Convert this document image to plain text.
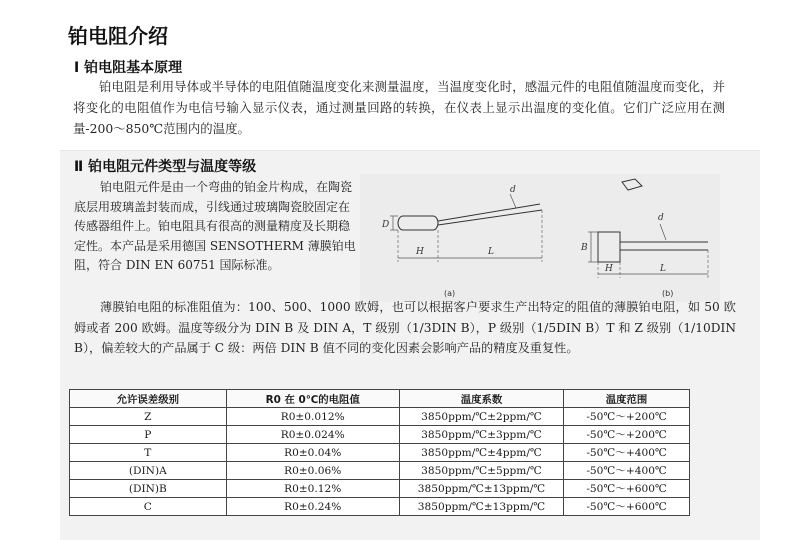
铂电阻介绍
Ⅰ 铂电阻基本原理

铂电阻是利用导体或半导体的电阻值随温度变化来测量温度，当温度变化时，感温元件的电阻值随温度而变化，并将变化的电阻值作为电信号输入显示仪表，通过测量回路的转换，在仪表上显示出温度的变化值。它们广泛应用在测量-200～850℃范围内的温度。

Ⅱ 铂电阻元件类型与温度等级

铂电阻元件是由一个弯曲的铂金片构成，在陶瓷底层用玻璃盖封装而成，引线通过玻璃陶瓷胶固定在传感器组件上。铂电阻具有很高的测量精度及长期稳定性。本产品是采用德国 SENSOTHERM 薄膜铂电阻，符合 DIN EN 60751 国际标准。

D
H	L
d
(a)
B
H	L
d
(b)

薄膜铂电阻的标准阻值为：100、500、1000 欧姆，也可以根据客户要求生产出特定的阻值的薄膜铂电阻，如 50 欧姆或者 200 欧姆。温度等级分为 DIN B 及 DIN A，T 级别（1/3DIN B），P 级别（1/5DIN B）T 和 Z 级别（1/10DIN B），偏差较大的产品属于 C 级：两倍 DIN B 值不同的变化因素会影响产品的精度及重复性。

允许误差级别	R0 在 0℃的电阻值	温度系数	温度范围
Z	R0±0.012%	3850ppm/℃±2ppm/℃	-50℃～+200℃
P	R0±0.024%	3850ppm/℃±3ppm/℃	-50℃～+200℃
T	R0±0.04%	3850ppm/℃±4ppm/℃	-50℃～+400℃
(DIN)A	R0±0.06%	3850ppm/℃±5ppm/℃	-50℃～+400℃
(DIN)B	R0±0.12%	3850ppm/℃±13ppm/℃	-50℃～+600℃
C	R0±0.24%	3850ppm/℃±13ppm/℃	-50℃～+600℃
